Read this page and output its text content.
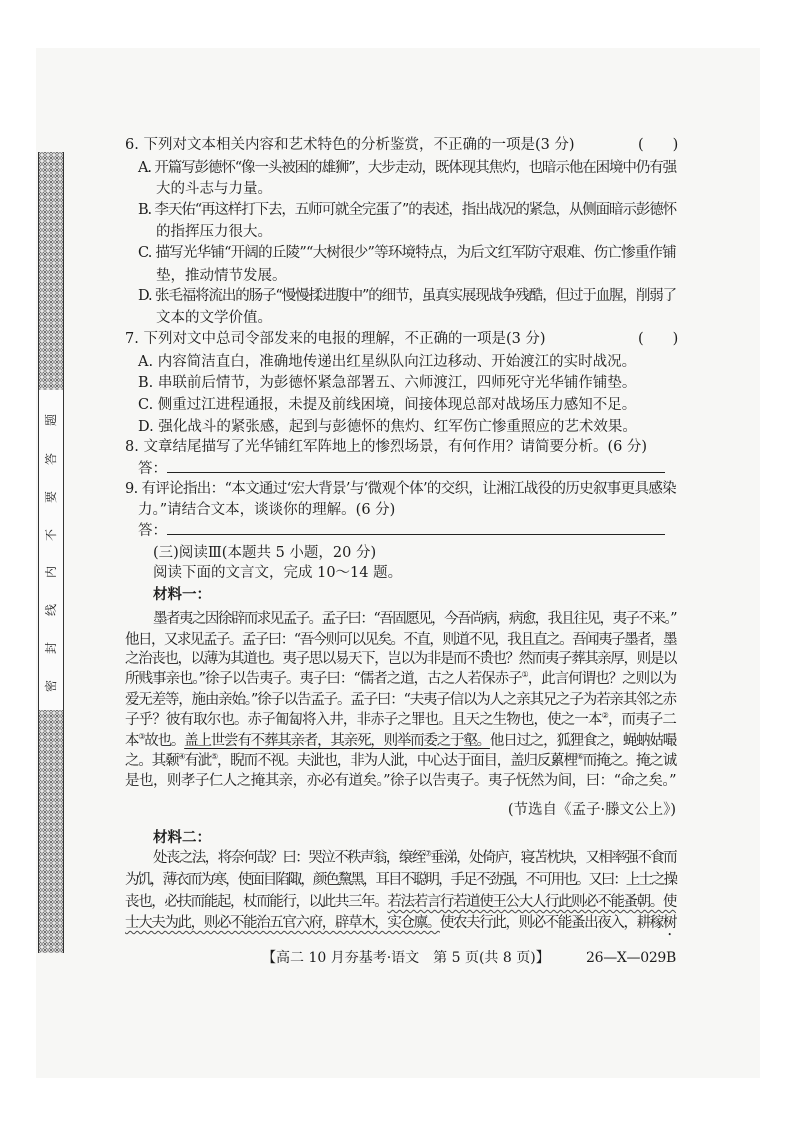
题
答
要
不
内
线
封
密
6. 下列对文本相关内容和艺术特色的分析鉴赏，不正确的一项是(3 分)	(　　)
A. 开篇写彭德怀“像一头被困的雄狮”，大步走动，既体现其焦灼，也暗示他在困境中仍有强
大的斗志与力量。
B. 李天佑“再这样打下去，五师可就全完蛋了”的表述，指出战况的紧急，从侧面暗示彭德怀
的指挥压力很大。
C. 描写光华铺“开阔的丘陵”“大树很少”等环境特点，为后文红军防守艰难、伤亡惨重作铺
垫，推动情节发展。
D. 张毛福将流出的肠子“慢慢揉进腹中”的细节，虽真实展现战争残酷，但过于血腥，削弱了
文本的文学价值。
7. 下列对文中总司令部发来的电报的理解，不正确的一项是(3 分)	(　　)
A. 内容简洁直白，准确地传递出红星纵队向江边移动、开始渡江的实时战况。
B. 串联前后情节，为彭德怀紧急部署五、六师渡江，四师死守光华铺作铺垫。
C. 侧重过江进程通报，未提及前线困境，间接体现总部对战场压力感知不足。
D. 强化战斗的紧张感，起到与彭德怀的焦灼、红军伤亡惨重照应的艺术效果。
8. 文章结尾描写了光华铺红军阵地上的惨烈场景，有何作用？请简要分析。(6 分)
答：
9. 有评论指出：“本文通过‘宏大背景’与‘微观个体’的交织，让湘江战役的历史叙事更具感染
力。”请结合文本，谈谈你的理解。(6 分)
答：
(三)阅读Ⅲ(本题共 5 小题，20 分)
阅读下面的文言文，完成 10～14 题。
材料一：
墨者夷之因徐辟而求见孟子。孟子曰：“吾固愿见，今吾尚病，病愈，我且往见，夷子不来。”
他日，又求见孟子。孟子曰：“吾今则可以见矣。不直，则道不见，我且直之。吾闻夷子墨者，墨
之治丧也，以薄为其道也。夷子思以易天下，岂以为非是而不贵也？然而夷子葬其亲厚，则是以
所贱事亲也。”徐子以告夷子。夷子曰：“儒者之道，古之人若保赤子①，此言何谓也？之则以为
爱无差等，施由亲始。”徐子以告孟子。孟子曰：“夫夷子信以为人之亲其兄之子为若亲其邻之赤
子乎？彼有取尔也。赤子匍匐将入井，非赤子之罪也。且天之生物也，使之一本②，而夷子二
本③故也。盖上世尝有不葬其亲者，其亲死，则举而委之于壑。他日过之，狐狸食之，蝇蚋姑嘬
之。其颡④有泚⑤，睨而不视。夫泚也，非为人泚，中心达于面目，盖归反蔂梩⑥而掩之。掩之诚
是也，则孝子仁人之掩其亲，亦必有道矣。”徐子以告夷子。夷子怃然为间，曰：“命之矣。”
(节选自《孟子·滕文公上》)
材料二：
处丧之法，将奈何哉？曰：哭泣不秩声翁，缞绖⑦垂涕，处倚庐，寝苫枕块，又相率强不食而
为饥，薄衣而为寒，使面目陷陬，颜色黧黑，耳目不聪明，手足不劲强，不可用也。又曰：上士之操
丧也，必扶而能起，杖而能行，以此共三年。若法若言行若道使王公大人行此则必不能蚤朝。使
士大夫为此，则必不能治五官六府，辟草木，实仓廪。使农夫行此，则必不能蚤出夜入，耕稼树
【高二 10 月夯基考·语文　第 5 页(共 8 页)】	26—X—029B
